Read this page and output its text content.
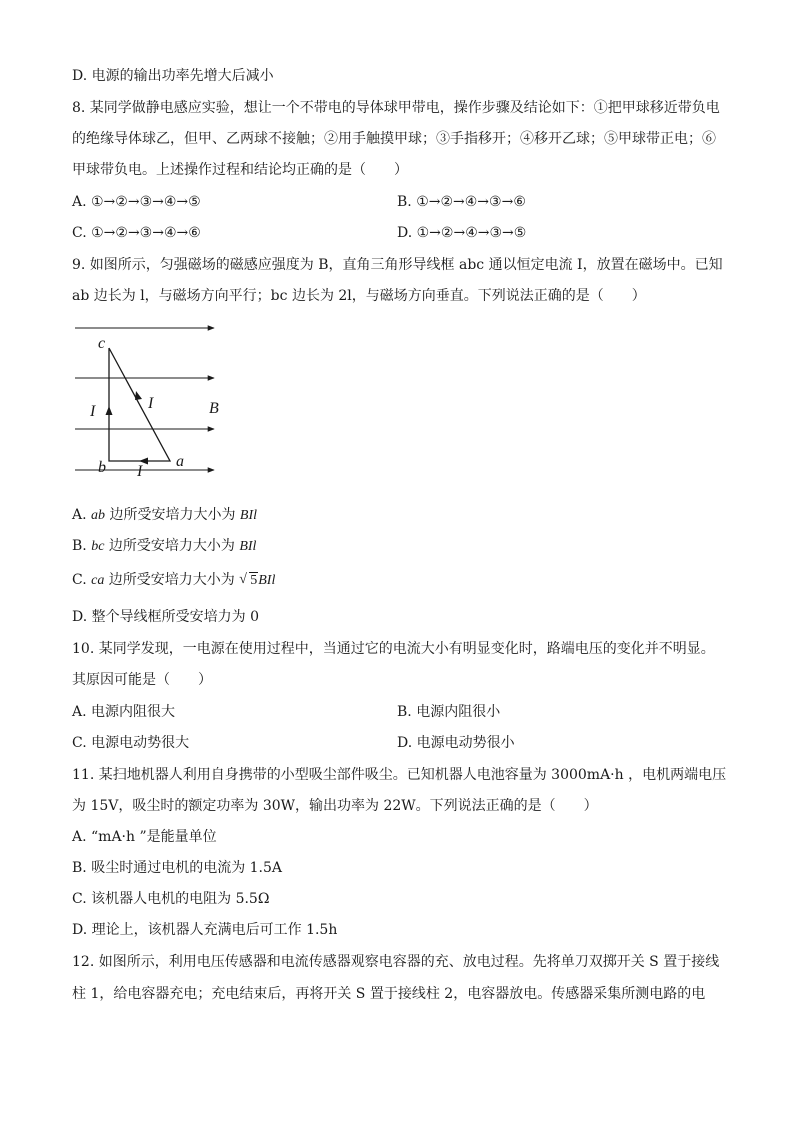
D. 电源的输出功率先增大后减小
8. 某同学做静电感应实验，想让一个不带电的导体球甲带电，操作步骤及结论如下：①把甲球移近带负电
的绝缘导体球乙，但甲、乙两球不接触；②用手触摸甲球；③手指移开；④移开乙球；⑤甲球带正电；⑥
甲球带负电。上述操作过程和结论均正确的是（　　）
A. ①→②→③→④→⑤	B. ①→②→④→③→⑥
C. ①→②→③→④→⑥	D. ①→②→④→③→⑤
9. 如图所示，匀强磁场的磁感应强度为 B，直角三角形导线框 abc 通以恒定电流 I，放置在磁场中。已知
ab 边长为 l，与磁场方向平行；bc 边长为 2l，与磁场方向垂直。下列说法正确的是（　　）
c
b	a
I	I
I
B
A. ab 边所受安培力大小为 BIl
B. bc 边所受安培力大小为 BIl
C. ca 边所受安培力大小为 √ 5BIl
D. 整个导线框所受安培力为 0
10. 某同学发现，一电源在使用过程中，当通过它的电流大小有明显变化时，路端电压的变化并不明显。
其原因可能是（　　）
A. 电源内阻很大	B. 电源内阻很小
C. 电源电动势很大	D. 电源电动势很小
11. 某扫地机器人利用自身携带的小型吸尘部件吸尘。已知机器人电池容量为 3000mA·h ，电机两端电压
为 15V，吸尘时的额定功率为 30W，输出功率为 22W。下列说法正确的是（　　）
A. “mA·h ”是能量单位
B. 吸尘时通过电机的电流为 1.5A
C. 该机器人电机的电阻为 5.5Ω
D. 理论上，该机器人充满电后可工作 1.5h
12. 如图所示，利用电压传感器和电流传感器观察电容器的充、放电过程。先将单刀双掷开关 S 置于接线
柱 1，给电容器充电；充电结束后，再将开关 S 置于接线柱 2，电容器放电。传感器采集所测电路的电
